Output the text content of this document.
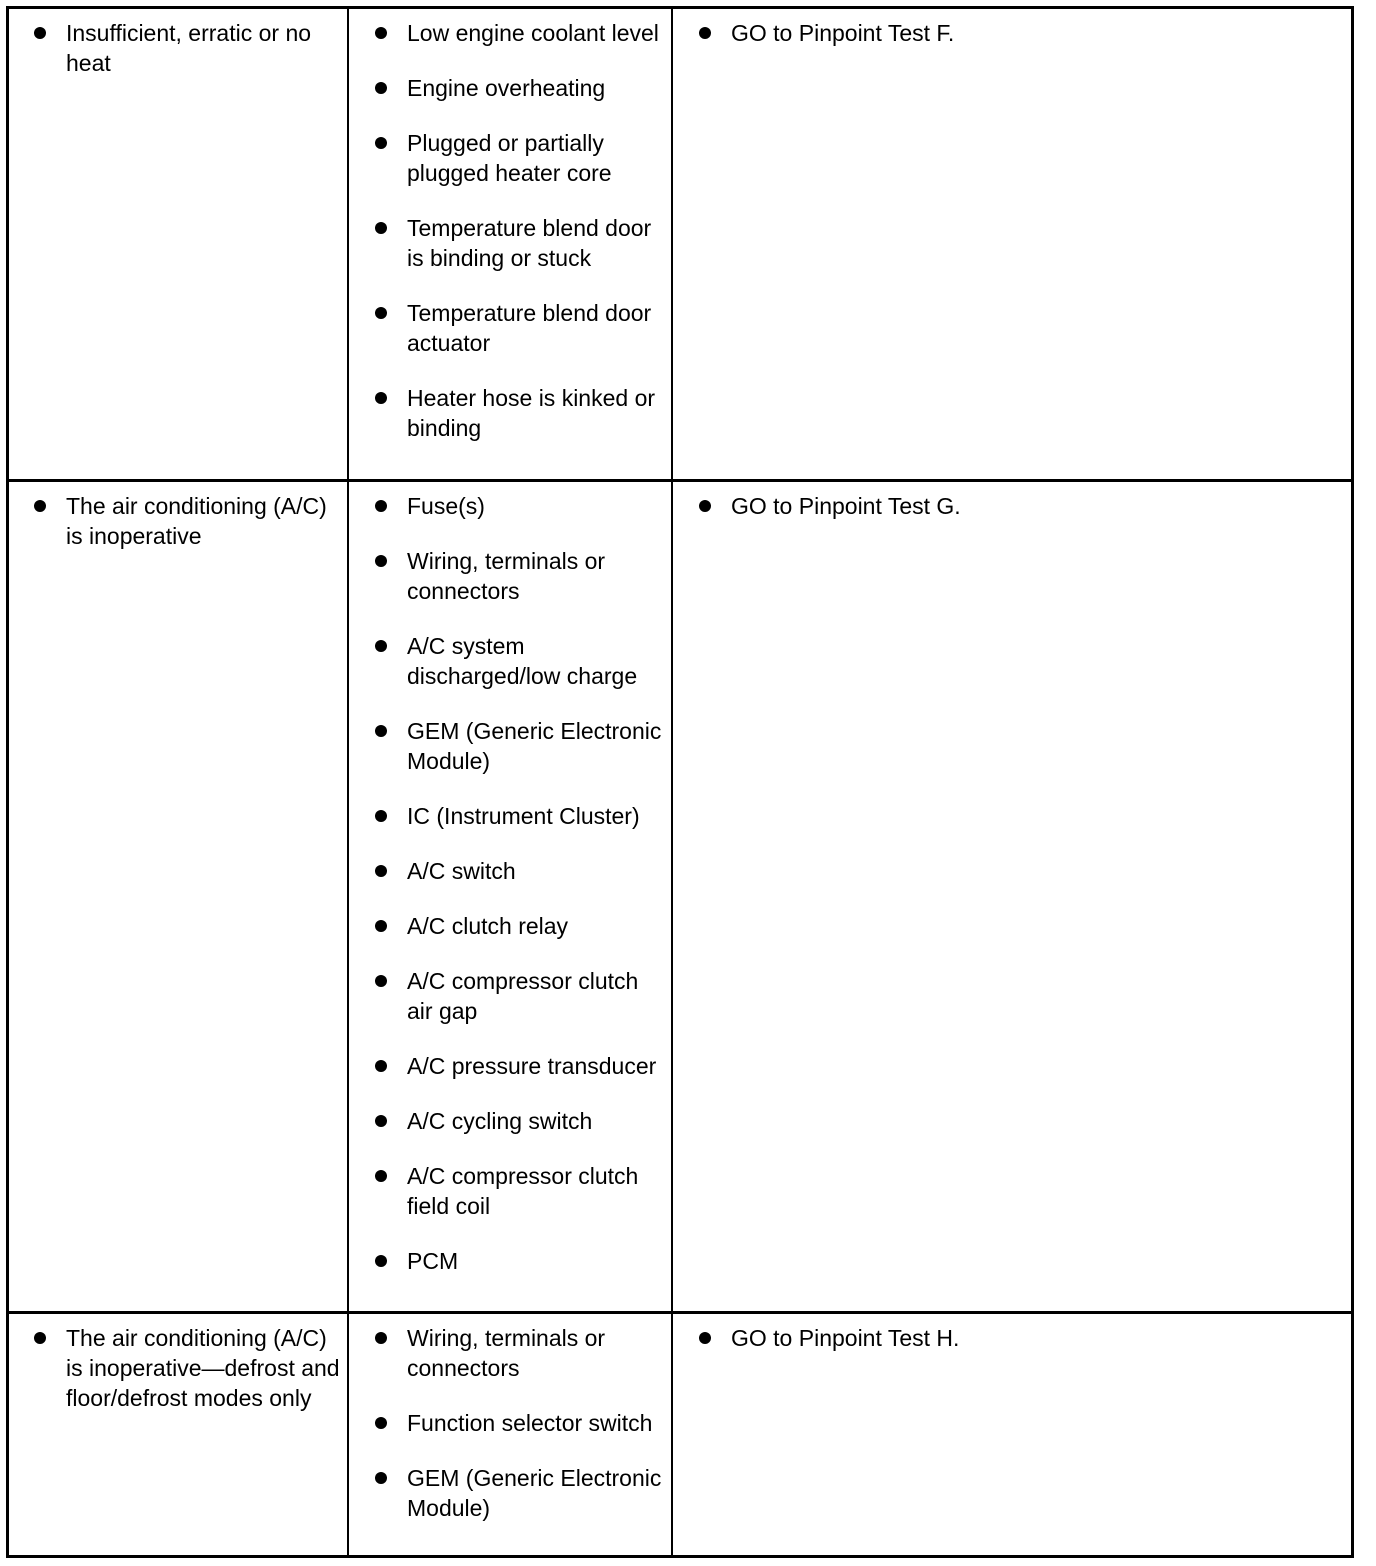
Insufficient, erratic or no heat
Low engine coolant level
Engine overheating
Plugged or partially plugged heater core
Temperature blend door is binding or stuck
Temperature blend door actuator
Heater hose is kinked or binding
GO to Pinpoint Test F.
The air conditioning (A/C) is inoperative
Fuse(s)
Wiring, terminals or connectors
A/C system discharged/low charge
GEM (Generic Electronic Module)
IC (Instrument Cluster)
A/C switch
A/C clutch relay
A/C compressor clutch air gap
A/C pressure transducer
A/C cycling switch
A/C compressor clutch field coil
PCM
GO to Pinpoint Test G.
The air conditioning (A/C) is inoperative—defrost and floor/defrost modes only
Wiring, terminals or connectors
Function selector switch
GEM (Generic Electronic Module)
GO to Pinpoint Test H.
